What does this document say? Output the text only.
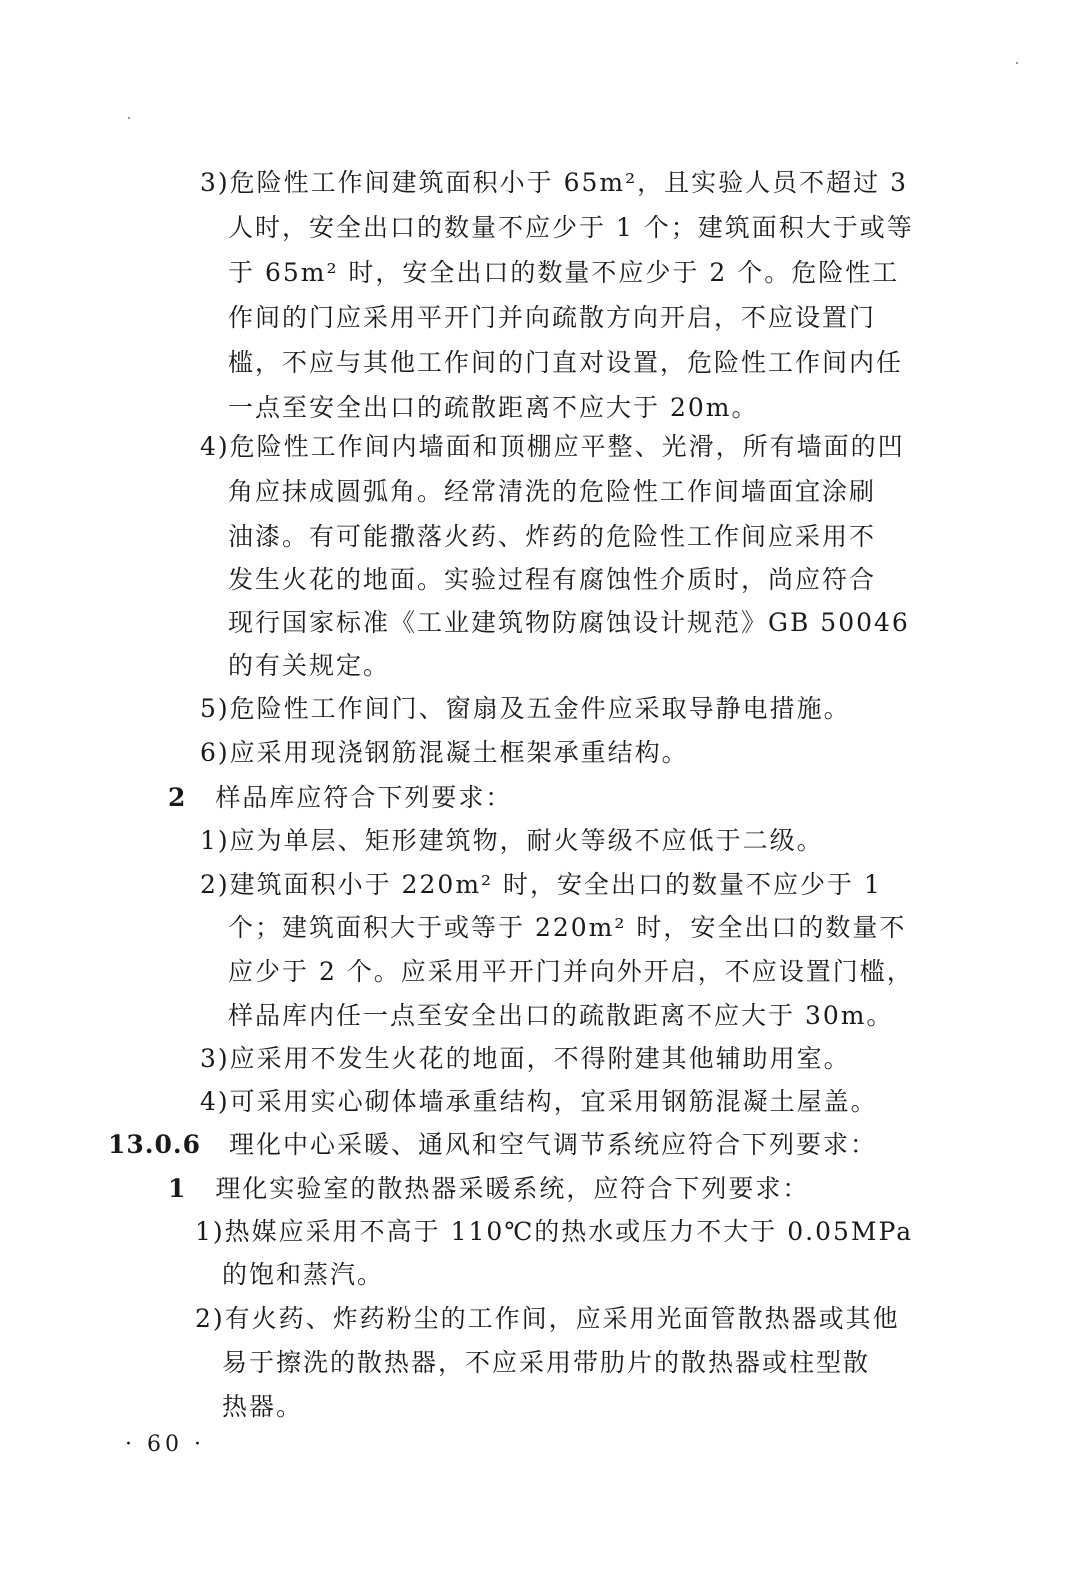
3)危险性工作间建筑面积小于 65m²，且实验人员不超过 3
人时，安全出口的数量不应少于 1 个；建筑面积大于或等
于 65m² 时，安全出口的数量不应少于 2 个。危险性工
作间的门应采用平开门并向疏散方向开启，不应设置门
槛，不应与其他工作间的门直对设置，危险性工作间内任
一点至安全出口的疏散距离不应大于 20m。
4)危险性工作间内墙面和顶棚应平整、光滑，所有墙面的凹
角应抹成圆弧角。经常清洗的危险性工作间墙面宜涂刷
油漆。有可能撒落火药、炸药的危险性工作间应采用不
发生火花的地面。实验过程有腐蚀性介质时，尚应符合
现行国家标准《工业建筑物防腐蚀设计规范》GB 50046
的有关规定。
5)危险性工作间门、窗扇及五金件应采取导静电措施。
6)应采用现浇钢筋混凝土框架承重结构。
2 样品库应符合下列要求：
1)应为单层、矩形建筑物，耐火等级不应低于二级。
2)建筑面积小于 220m² 时，安全出口的数量不应少于 1
个；建筑面积大于或等于 220m² 时，安全出口的数量不
应少于 2 个。应采用平开门并向外开启，不应设置门槛，
样品库内任一点至安全出口的疏散距离不应大于 30m。
3)应采用不发生火花的地面，不得附建其他辅助用室。
4)可采用实心砌体墙承重结构，宜采用钢筋混凝土屋盖。
13.0.6 理化中心采暖、通风和空气调节系统应符合下列要求：
1 理化实验室的散热器采暖系统，应符合下列要求：
1)热媒应采用不高于 110℃的热水或压力不大于 0.05MPa
的饱和蒸汽。
2)有火药、炸药粉尘的工作间，应采用光面管散热器或其他
易于擦洗的散热器，不应采用带肋片的散热器或柱型散
热器。
· 60 ·
